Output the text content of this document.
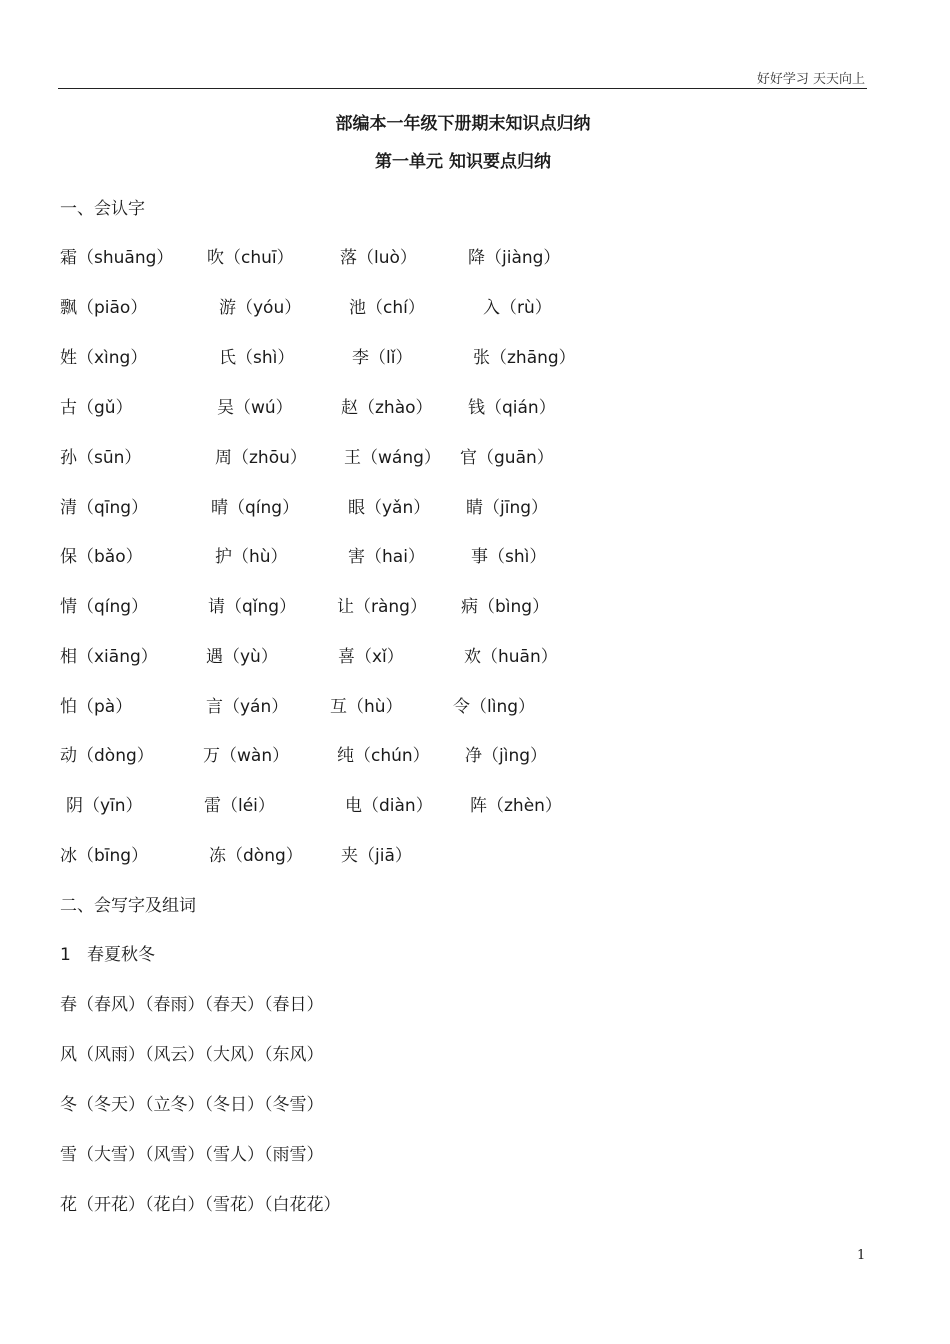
好好学习 天天向上
部编本一年级下册期末知识点归纳
第一单元 知识要点归纳
一、会认字
霜（shuāng） 吹（chuī）	落（luò）	降（jiàng）
飘（piāo）	游（yóu）	池（chí）	入（rù）
姓（xìng）	氏（shì）	李（lǐ）	张（zhāng）
古（gǔ）	吴（wú）	赵（zhào） 钱（qián）
孙（sūn）	周（zhōu） 王（wáng） 官（guān）
清（qīng）	晴（qíng）	眼（yǎn） 睛（jīng）
保（bǎo）	护（hù）	害（hai）	事（shì）
情（qíng）	请（qǐng） 让（ràng） 病（bìng）
相（xiāng）	遇（yù）	喜（xǐ）	欢（huān）
怕（pà）	言（yán） 互（hù）	令（lìng）
动（dòng）	万（wàn）	纯（chún） 净（jìng）
阴（yīn）	雷（léi）	电（diàn） 阵（zhèn）
冰（bīng）	冻（dòng） 夹（jiā）
二、会写字及组词
1   春夏秋冬
春（春风）（春雨）（春天）（春日）
风（风雨）（风云）（大风）（东风）
冬（冬天）（立冬）（冬日）（冬雪）
雪（大雪）（风雪）（雪人）（雨雪）
花（开花）（花白）（雪花）（白花花）
1
